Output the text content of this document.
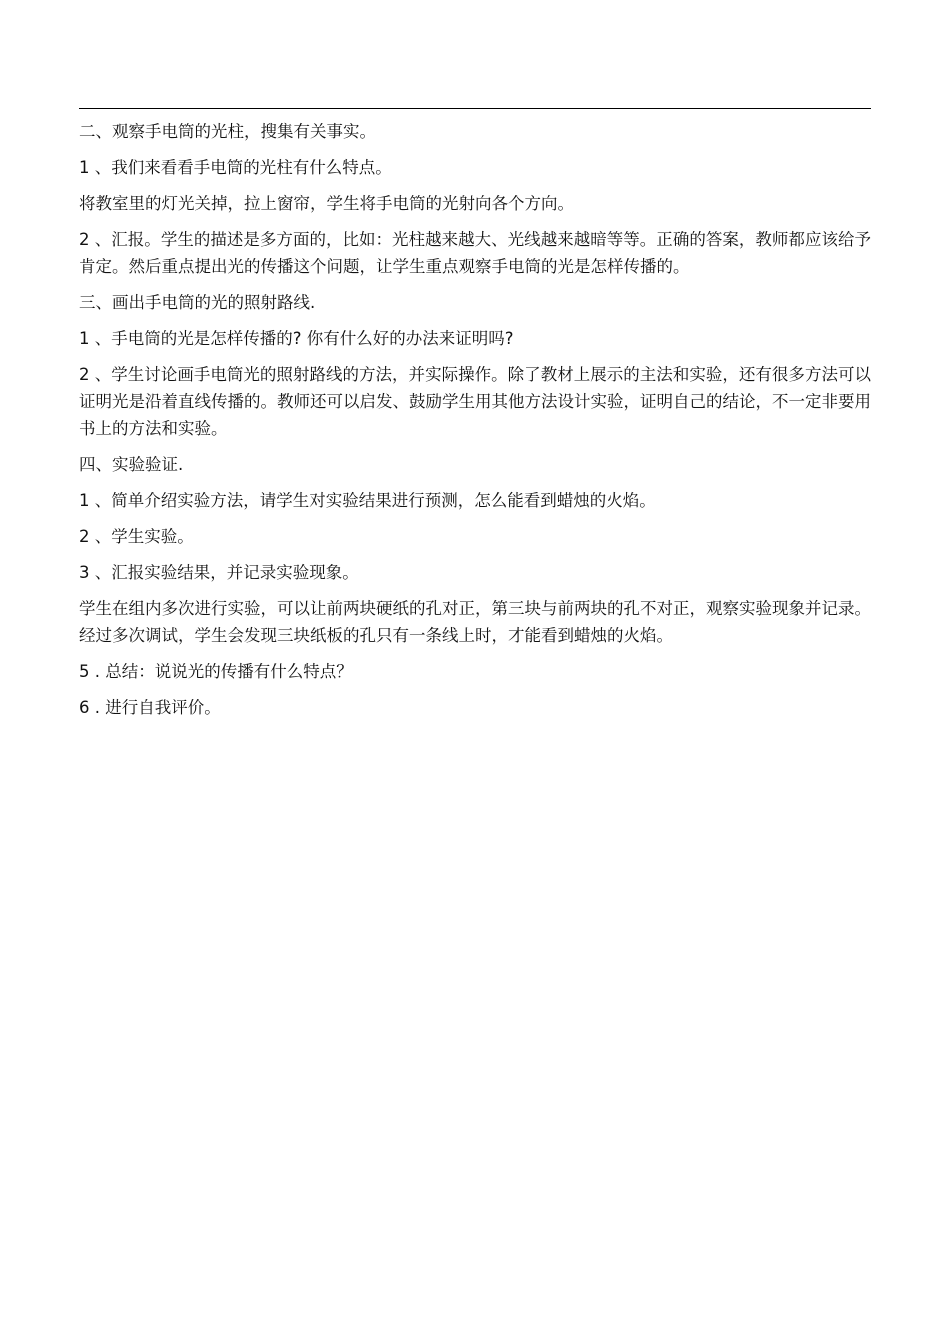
二、观察手电筒的光柱，搜集有关事实。

1 、我们来看看手电筒的光柱有什么特点。

将教室里的灯光关掉，拉上窗帘，学生将手电筒的光射向各个方向。

2 、汇报。学生的描述是多方面的，比如：光柱越来越大、光线越来越暗等等。正确的答案，教师都应该给予肯定。然后重点提出光的传播这个问题，让学生重点观察手电筒的光是怎样传播的。

三、画出手电筒的光的照射路线.

1 、手电筒的光是怎样传播的? 你有什么好的办法来证明吗?

2 、学生讨论画手电筒光的照射路线的方法，并实际操作。除了教材上展示的主法和实验，还有很多方法可以证明光是沿着直线传播的。教师还可以启发、鼓励学生用其他方法设计实验，证明自己的结论，不一定非要用书上的方法和实验。

四、实验验证.

1 、简单介绍实验方法，请学生对实验结果进行预测，怎么能看到蜡烛的火焰。

2 、学生实验。

3 、汇报实验结果，并记录实验现象。

学生在组内多次进行实验，可以让前两块硬纸的孔对正，第三块与前两块的孔不对正，观察实验现象并记录。经过多次调试，学生会发现三块纸板的孔只有一条线上时，才能看到蜡烛的火焰。

5 . 总结：说说光的传播有什么特点？

6 . 进行自我评价。
